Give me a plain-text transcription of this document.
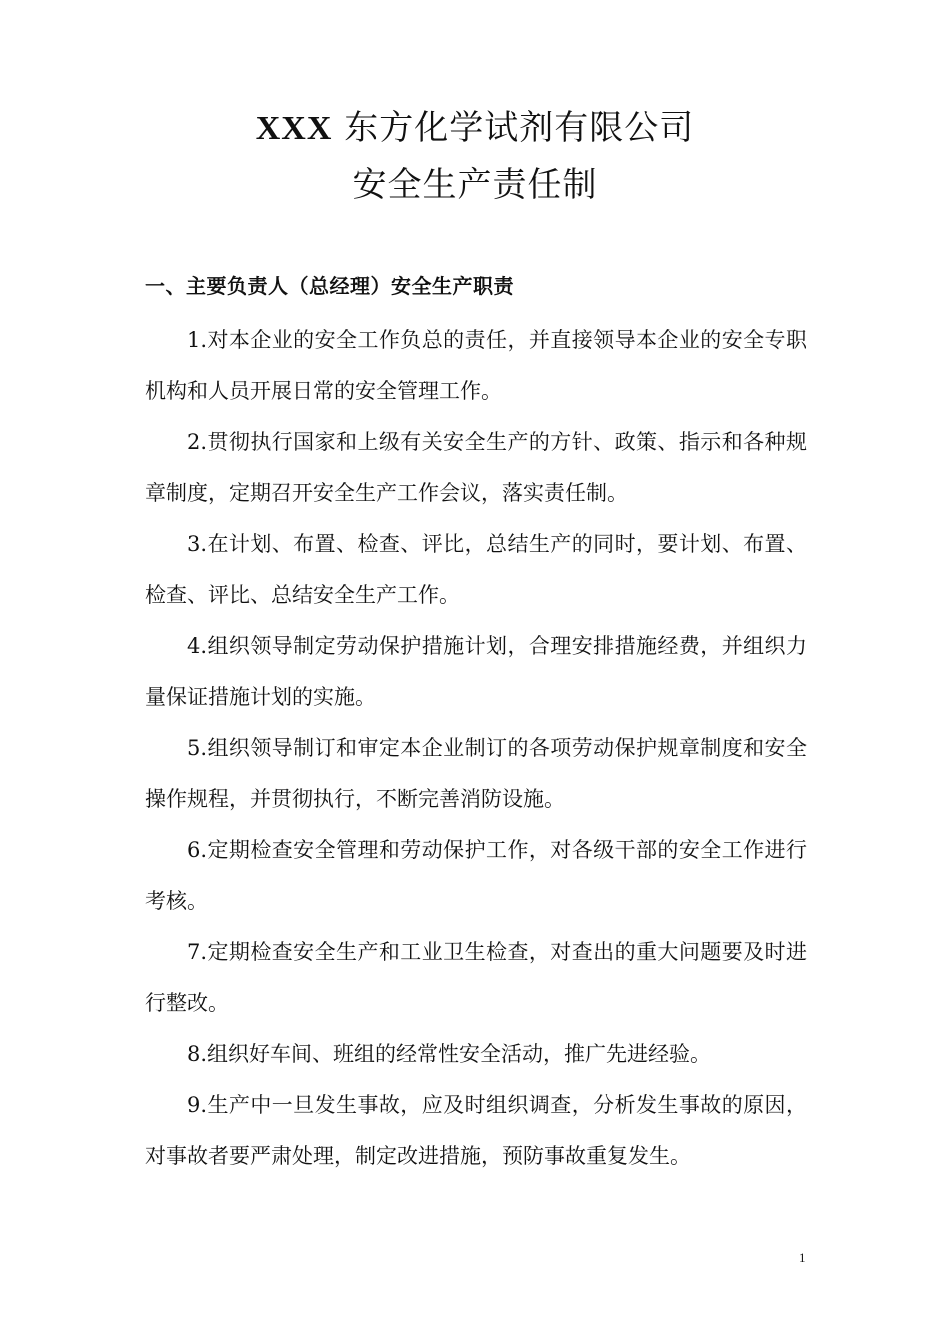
XXX 东方化学试剂有限公司
安全生产责任制
一、主要负责人（总经理）安全生产职责

1.对本企业的安全工作负总的责任，并直接领导本企业的安全专职机构和人员开展日常的安全管理工作。

2.贯彻执行国家和上级有关安全生产的方针、政策、指示和各种规章制度，定期召开安全生产工作会议，落实责任制。

3.在计划、布置、检查、评比，总结生产的同时，要计划、布置、检查、评比、总结安全生产工作。

4.组织领导制定劳动保护措施计划，合理安排措施经费，并组织力量保证措施计划的实施。

5.组织领导制订和审定本企业制订的各项劳动保护规章制度和安全操作规程，并贯彻执行，不断完善消防设施。

6.定期检查安全管理和劳动保护工作，对各级干部的安全工作进行考核。

7.定期检查安全生产和工业卫生检查，对查出的重大问题要及时进行整改。

8.组织好车间、班组的经常性安全活动，推广先进经验。

9.生产中一旦发生事故，应及时组织调查，分析发生事故的原因，对事故者要严肃处理，制定改进措施，预防事故重复发生。

1
